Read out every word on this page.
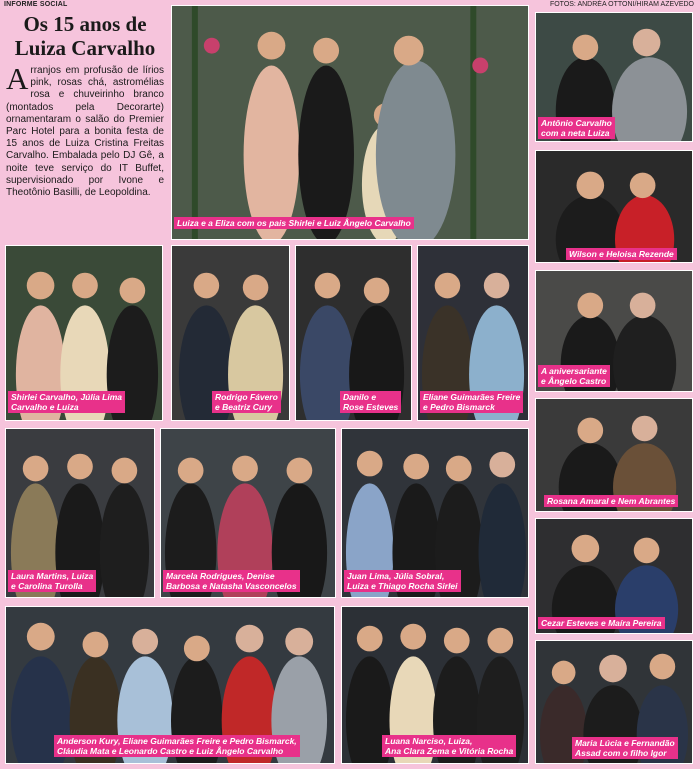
INFORME SOCIAL	FOTOS: ANDRÉA OTTONI/HIRAM AZEVEDO
Os 15 anos de
Luiza Carvalho

Arranjos em profusão de lírios pink, rosas chá, astromélias rosa e chuveirinho branco (montados pela Decorarte) ornamentaram o salão do Premier Parc Hotel para a bonita festa de 15 anos de Luiza Cristina Freitas Carvalho. Embalada pelo DJ Gê, a noite teve serviço do IT Buffet, supervisionado por Ivone e Theotônio Basilli, de Leopoldina.

Luiza e a Eliza com os pais Shirlei e Luiz Ângelo Carvalho
Antônio Carvalho
com a neta Luiza
Wilson e Heloisa Rezende
A aniversariante
e Ângelo Castro
Shirlei Carvalho, Júlia Lima
Carvalho e Luiza
Rodrigo Fávero
e Beatriz Cury
Danilo e
Rose Esteves
Eliane Guimarães Freire
e Pedro Bismarck
Rosana Amaral e Nem Abrantes
Laura Martins, Luiza
e Carolina Turolla
Marcela Rodrigues, Denise
Barbosa e Natasha Vasconcelos
Juan Lima, Júlia Sobral,
Luiza e Thiago Rocha Sirlei
Cezar Esteves e Maíra Pereira
Anderson Kury, Eliane Guimarães Freire e Pedro Bismarck,
Cláudia Mata e Leonardo Castro e Luiz Ângelo Carvalho
Luana Narciso, Luiza,
Ana Clara Zema e Vitória Rocha
Maria Lúcia e Fernandão
Assad com o filho Igor
